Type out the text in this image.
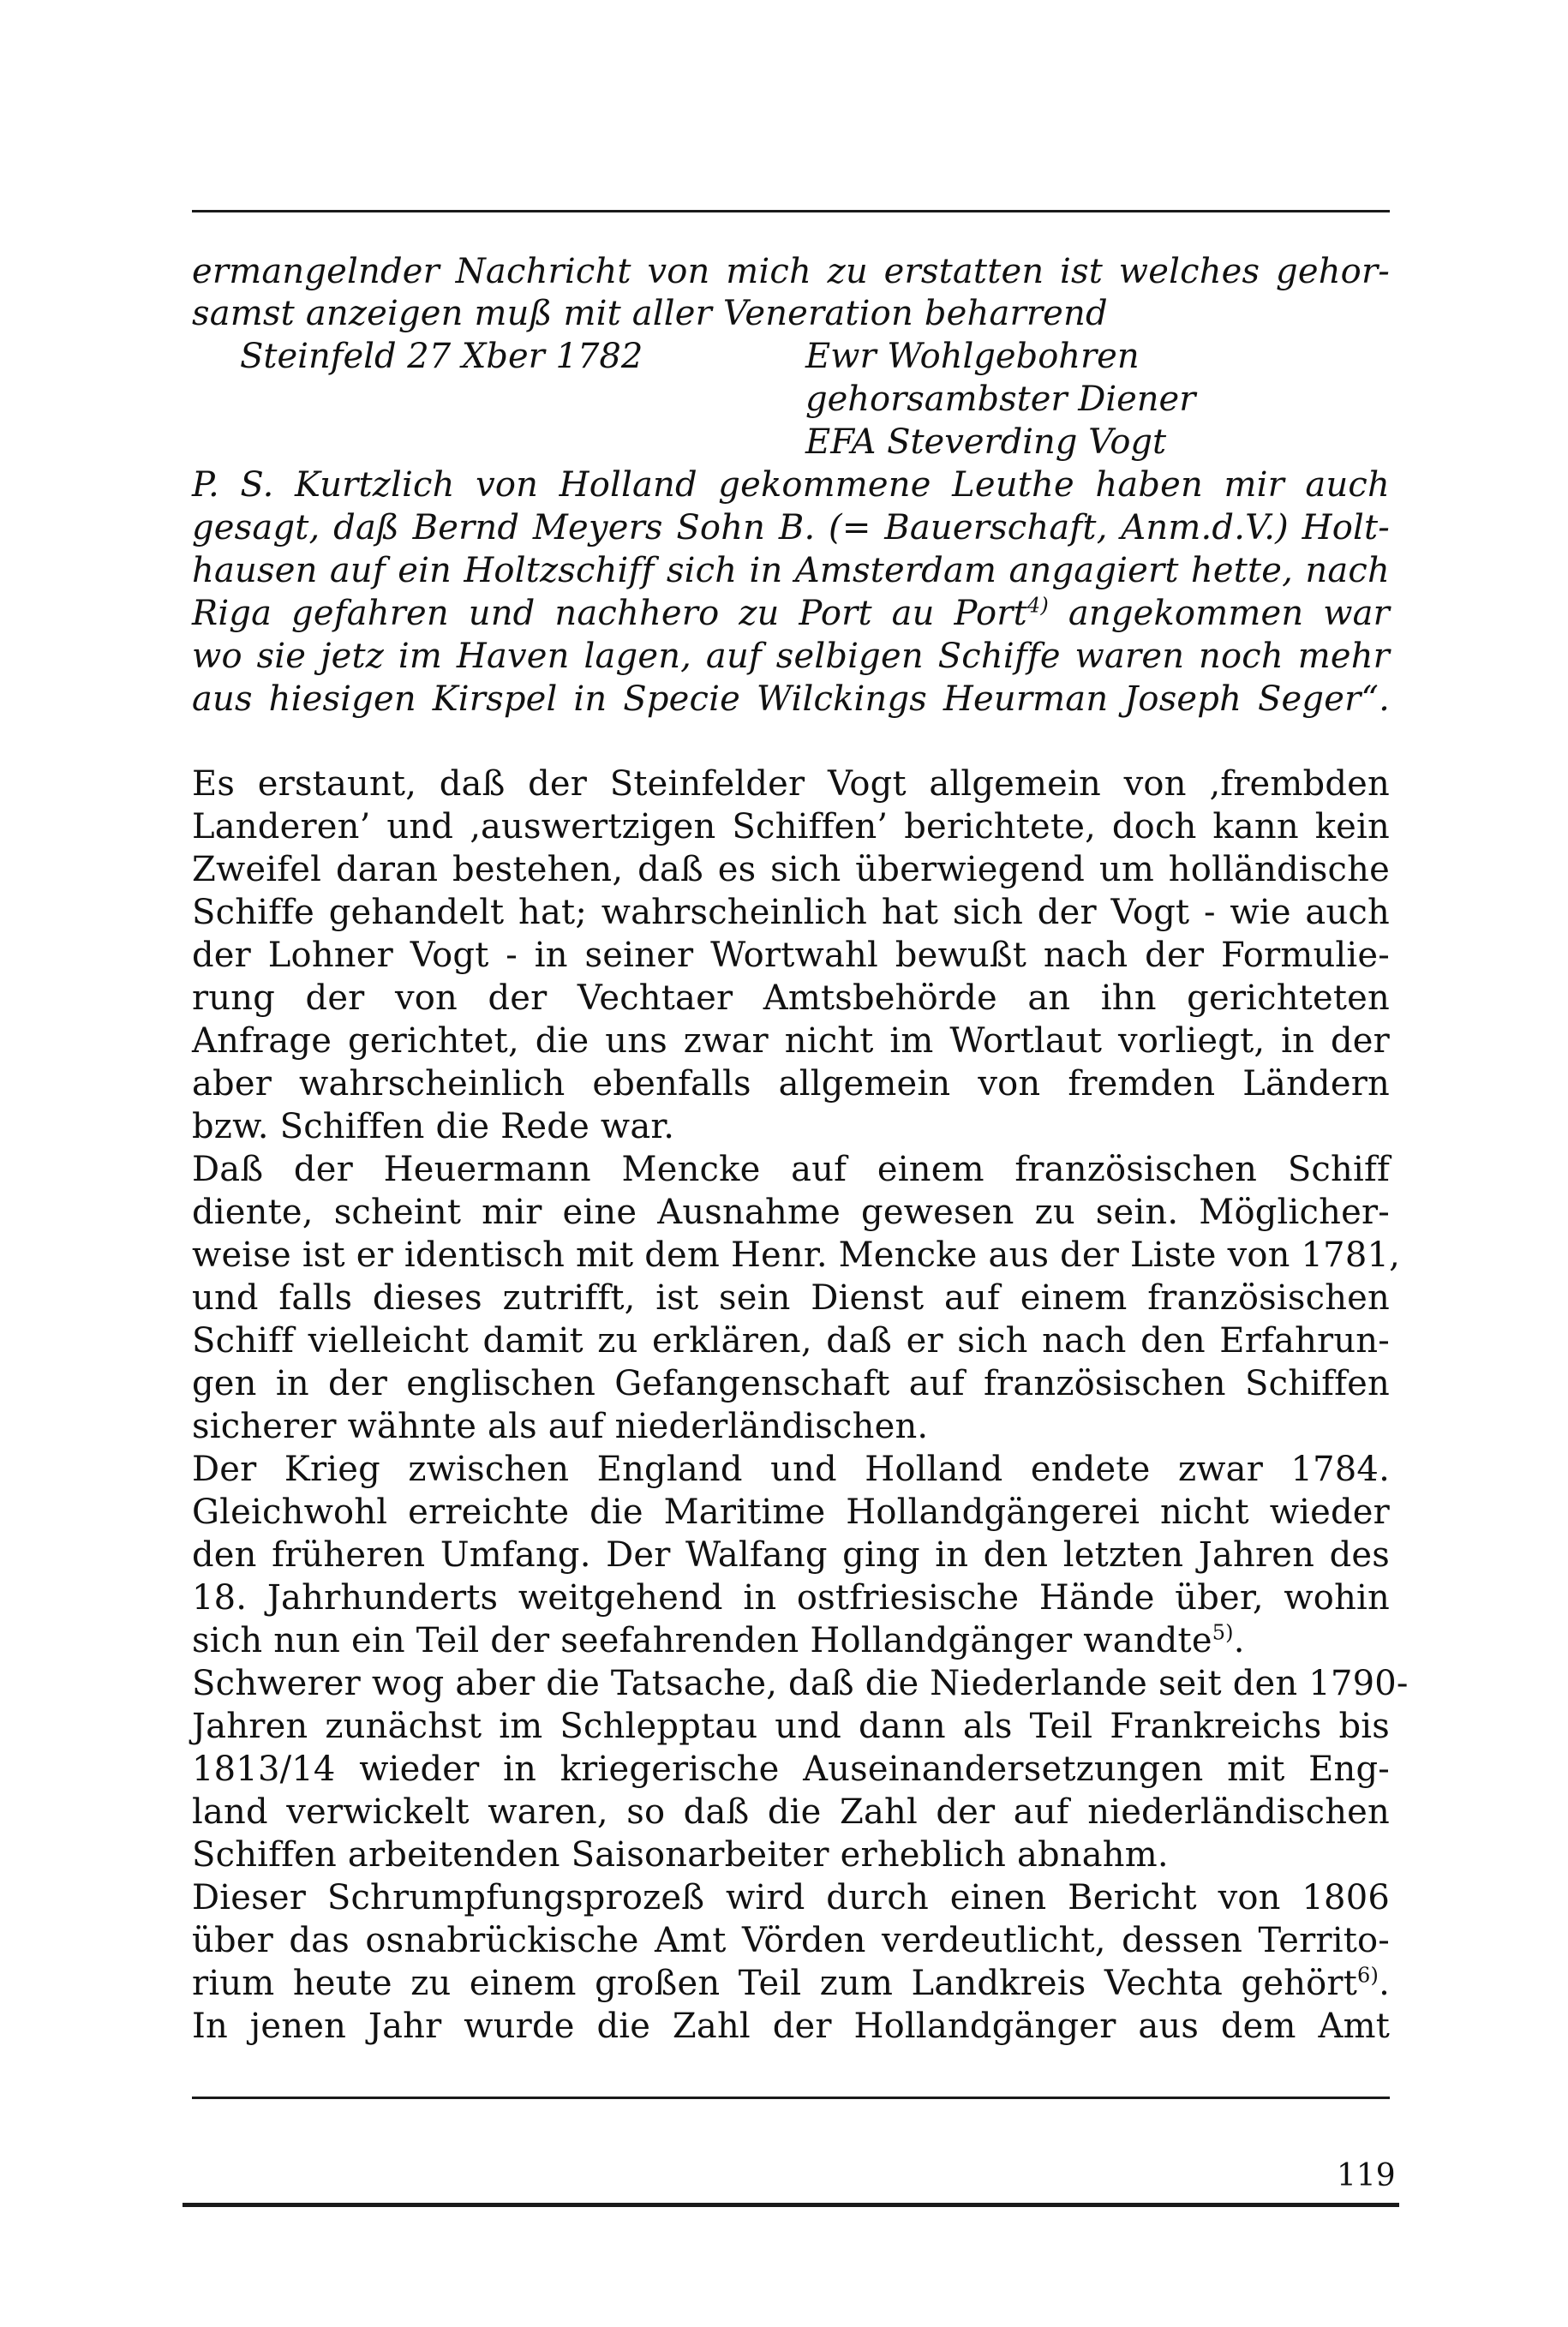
ermangelnder Nachricht von mich zu erstatten ist welches gehor-
samst anzeigen muß mit aller Veneration beharrend
Steinfeld 27 Xber 1782	Ewr Wohlgebohren
gehorsambster Diener
EFA Steverding Vogt
P. S. Kurtzlich von Holland gekommene Leuthe haben mir auch
gesagt, daß Bernd Meyers Sohn B. (= Bauerschaft, Anm.d.V.) Holt-
hausen auf ein Holtzschiff sich in Amsterdam angagiert hette, nach
Riga gefahren und nachhero zu Port au Port$^{4)}$ angekommen war
wo sie jetz im Haven lagen, auf selbigen Schiffe waren noch mehr
aus hiesigen Kirspel in Specie Wilckings Heurman Joseph Seger“.
Es erstaunt, daß der Steinfelder Vogt allgemein von ‚frembden
Landeren’ und ‚auswertzigen Schiffen’ berichtete, doch kann kein
Zweifel daran bestehen, daß es sich überwiegend um holländische
Schiffe gehandelt hat; wahrscheinlich hat sich der Vogt - wie auch
der Lohner Vogt - in seiner Wortwahl bewußt nach der Formulie-
rung der von der Vechtaer Amtsbehörde an ihn gerichteten
Anfrage gerichtet, die uns zwar nicht im Wortlaut vorliegt, in der
aber wahrscheinlich ebenfalls allgemein von fremden Ländern
bzw. Schiffen die Rede war.
Daß der Heuermann Mencke auf einem französischen Schiff
diente, scheint mir eine Ausnahme gewesen zu sein. Möglicher-
weise ist er identisch mit dem Henr. Mencke aus der Liste von 1781,
und falls dieses zutrifft, ist sein Dienst auf einem französischen
Schiff vielleicht damit zu erklären, daß er sich nach den Erfahrun-
gen in der englischen Gefangenschaft auf französischen Schiffen
sicherer wähnte als auf niederländischen.
Der Krieg zwischen England und Holland endete zwar 1784.
Gleichwohl erreichte die Maritime Hollandgängerei nicht wieder
den früheren Umfang. Der Walfang ging in den letzten Jahren des
18. Jahrhunderts weitgehend in ostfriesische Hände über, wohin
sich nun ein Teil der seefahrenden Hollandgänger wandte$^{5)}$.
Schwerer wog aber die Tatsache, daß die Niederlande seit den 1790-
Jahren zunächst im Schlepptau und dann als Teil Frankreichs bis
1813/14 wieder in kriegerische Auseinandersetzungen mit Eng-
land verwickelt waren, so daß die Zahl der auf niederländischen
Schiffen arbeitenden Saisonarbeiter erheblich abnahm.
Dieser Schrumpfungsprozeß wird durch einen Bericht von 1806
über das osnabrückische Amt Vörden verdeutlicht, dessen Territo-
rium heute zu einem großen Teil zum Landkreis Vechta gehört$^{6)}$.
In jenen Jahr wurde die Zahl der Hollandgänger aus dem Amt
119
